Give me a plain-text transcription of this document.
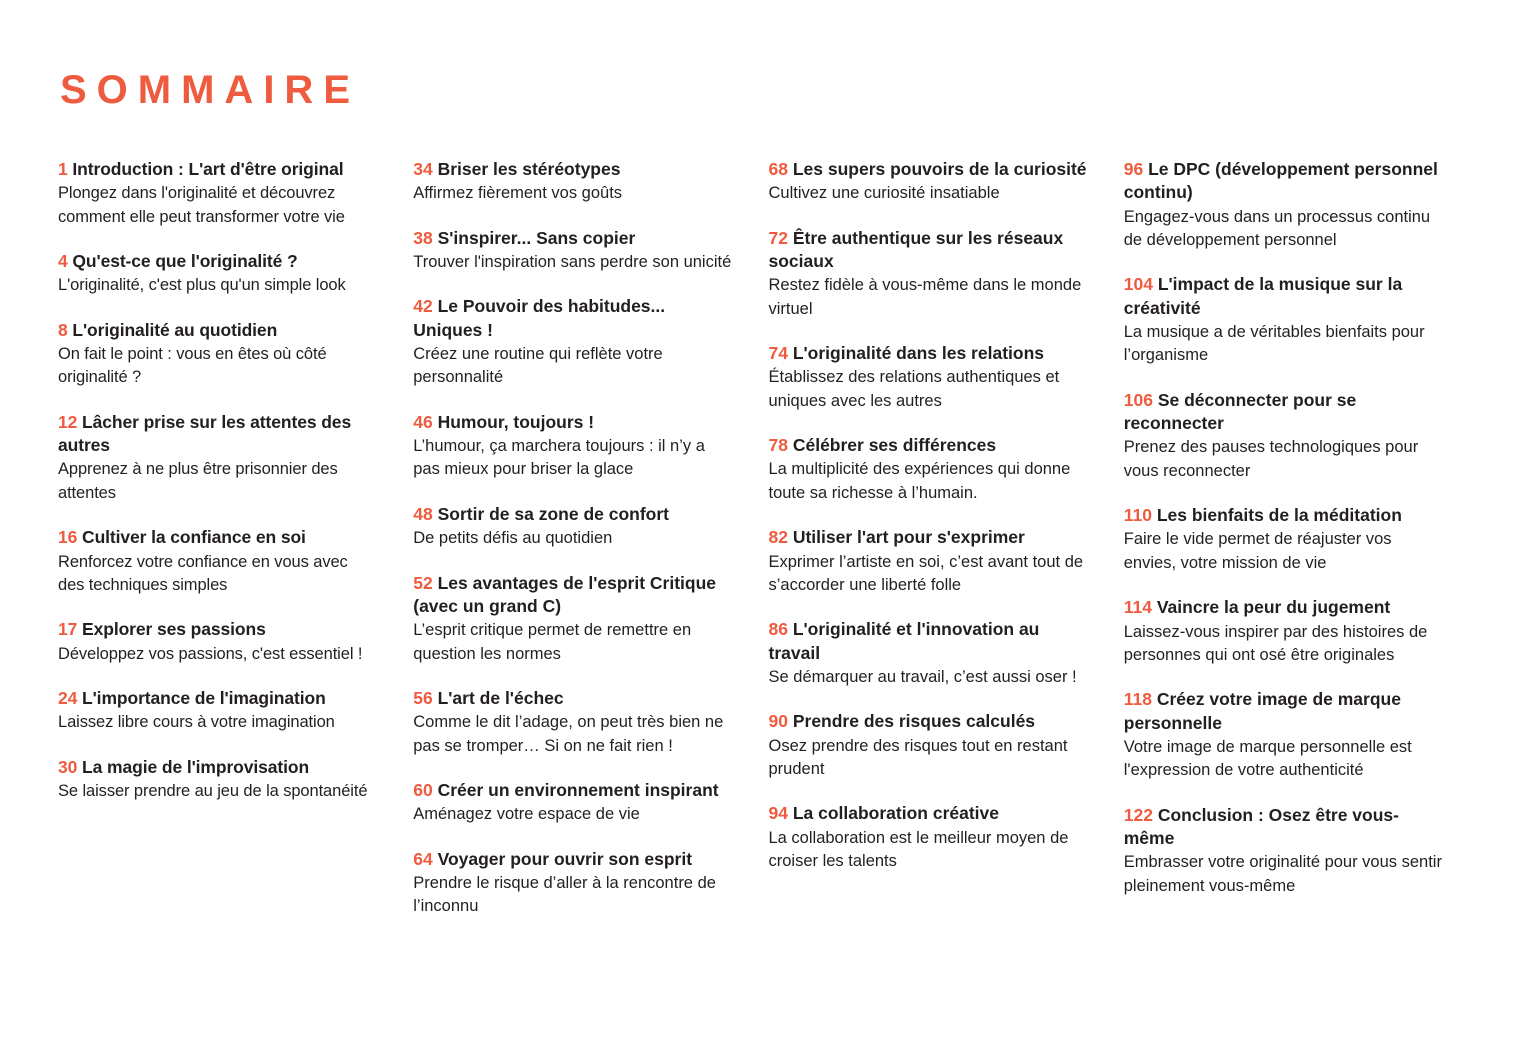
SOMMAIRE

1 Introduction : L'art d'être original

Plongez dans l'originalité et découvrez comment elle peut transformer votre vie

4 Qu'est-ce que l'originalité ?

L'originalité, c'est plus qu'un simple look

8 L'originalité au quotidien

On fait le point : vous en êtes où côté originalité ?

12 Lâcher prise sur les attentes des autres

Apprenez à ne plus être prisonnier des attentes

16 Cultiver la confiance en soi

Renforcez votre confiance en vous avec des techniques simples

17 Explorer ses passions

Développez vos passions, c'est essentiel !

24 L'importance de l'imagination

Laissez libre cours à votre imagination

30 La magie de l'improvisation

Se laisser prendre au jeu de la spontanéité

34 Briser les stéréotypes

Affirmez fièrement vos goûts

38 S'inspirer... Sans copier

Trouver l'inspiration sans perdre son unicité

42 Le Pouvoir des habitudes... Uniques !

Créez une routine qui reflète votre personnalité

46 Humour, toujours !

L’humour, ça marchera toujours : il n’y a pas mieux pour briser la glace

48 Sortir de sa zone de confort

De petits défis au quotidien

52 Les avantages de l'esprit Critique (avec un grand C)

L’esprit critique permet de remettre en question les normes

56 L'art de l'échec

Comme le dit l’adage, on peut très bien ne pas se tromper… Si on ne fait rien !

60 Créer un environnement inspirant

Aménagez votre espace de vie

64 Voyager pour ouvrir son esprit

Prendre le risque d’aller à la rencontre de l’inconnu

68 Les supers pouvoirs de la curiosité

Cultivez une curiosité insatiable

72 Être authentique sur les réseaux sociaux

Restez fidèle à vous-même dans le monde virtuel

74 L'originalité dans les relations

Établissez des relations authentiques et uniques avec les autres

78 Célébrer ses différences

La multiplicité des expériences qui donne toute sa richesse à l’humain.

82 Utiliser l'art pour s'exprimer

Exprimer l’artiste en soi, c’est avant tout de s’accorder une liberté folle

86 L'originalité et l'innovation au travail

Se démarquer au travail, c’est aussi oser !

90 Prendre des risques calculés

Osez prendre des risques tout en restant prudent

94 La collaboration créative

La collaboration est le meilleur moyen de croiser les talents

96 Le DPC (développement personnel continu)

Engagez-vous dans un processus continu de développement personnel

104 L'impact de la musique sur la créativité

La musique a de véritables bienfaits pour l’organisme

106 Se déconnecter pour se reconnecter

Prenez des pauses technologiques pour vous reconnecter

110 Les bienfaits de la méditation

Faire le vide permet de réajuster vos envies, votre mission de vie

114 Vaincre la peur du jugement

Laissez-vous inspirer par des histoires de personnes qui ont osé être originales

118 Créez votre image de marque personnelle

Votre image de marque personnelle est l'expression de votre authenticité

122 Conclusion : Osez être vous-même

Embrasser votre originalité pour vous sentir pleinement vous-même
